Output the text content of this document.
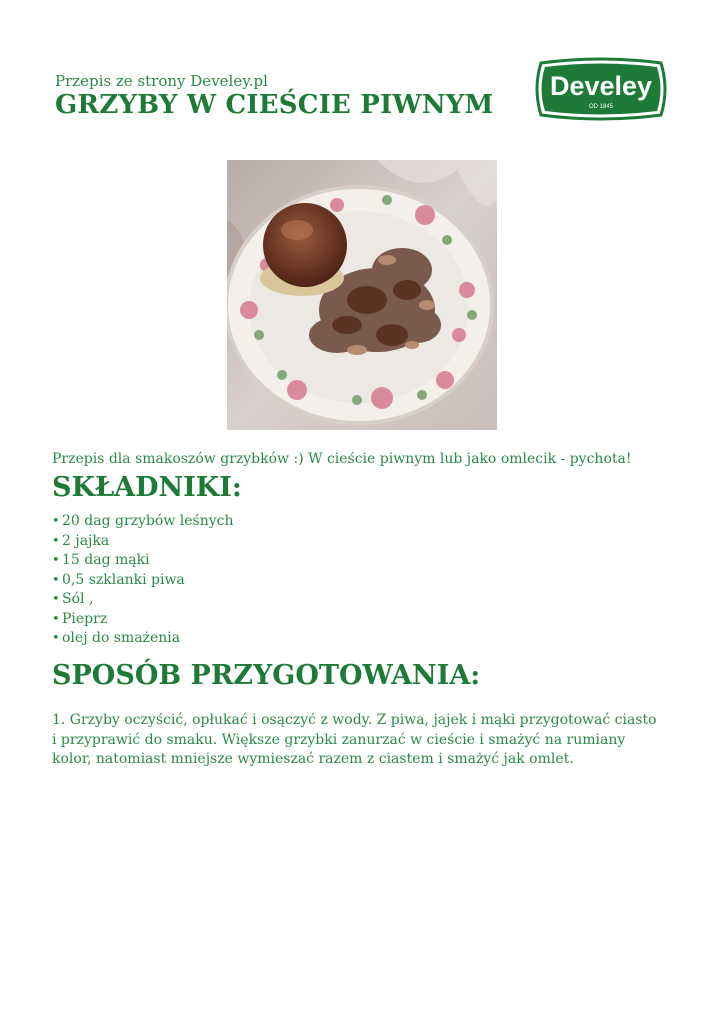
Przepis ze strony Develey.pl
GRZYBY W CIEŚCIE PIWNYM
Develey
OD 1845
Przepis dla smakoszów grzybków :) W cieście piwnym lub jako omlecik - pychota!
SKŁADNIKI:
• 20 dag grzybów leśnych
• 2 jajka
• 15 dag mąki
• 0,5 szklanki piwa
• Sól ,
• Pieprz
• olej do smażenia
SPOSÓB PRZYGOTOWANIA:
1. Grzyby oczyścić, opłukać i osączyć z wody. Z piwa, jajek i mąki przygotować ciasto i przyprawić do smaku. Większe grzybki zanurzać w cieście i smażyć na rumiany kolor, natomiast mniejsze wymieszać razem z ciastem i smażyć jak omlet.
